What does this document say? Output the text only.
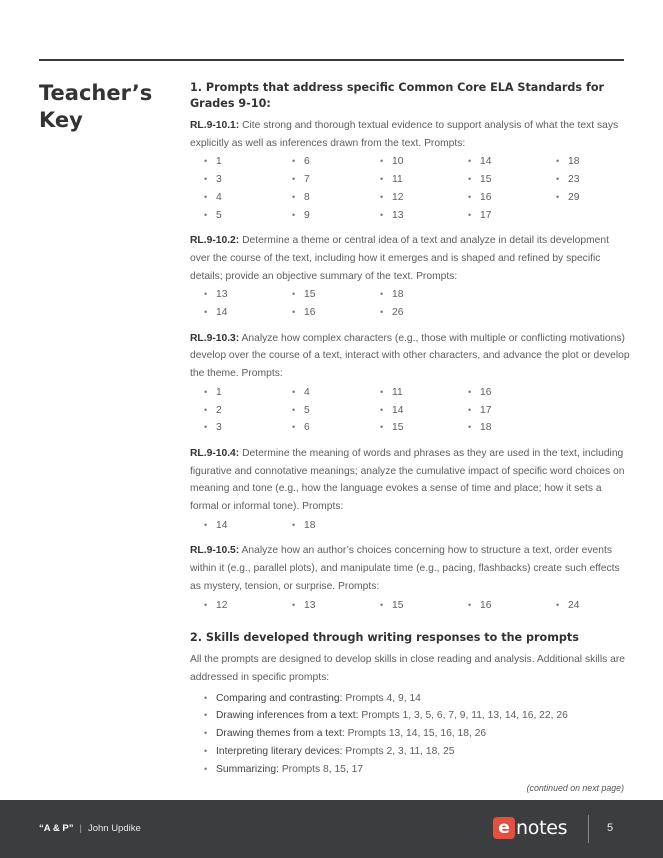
Teacher’s
Key
1. Prompts that address specific Common Core ELA Standards for Grades 9-10:
RL.9-10.1: Cite strong and thorough textual evidence to support analysis of what the text says explicitly as well as inferences drawn from the text. Prompts:
• 1	• 6	• 10	• 14	• 18
• 3	• 7	• 11	• 15	• 23
• 4	• 8	• 12	• 16	• 29
• 5	• 9	• 13	• 17
RL.9-10.2: Determine a theme or central idea of a text and analyze in detail its development over the course of the text, including how it emerges and is shaped and refined by specific details; provide an objective summary of the text. Prompts:
• 13	• 15	• 18
• 14	• 16	• 26
RL.9-10.3: Analyze how complex characters (e.g., those with multiple or conflicting motivations) develop over the course of a text, interact with other characters, and advance the plot or develop the theme. Prompts:
• 1	• 4	• 11	• 16
• 2	• 5	• 14	• 17
• 3	• 6	• 15	• 18
RL.9-10.4: Determine the meaning of words and phrases as they are used in the text, including figurative and connotative meanings; analyze the cumulative impact of specific word choices on meaning and tone (e.g., how the language evokes a sense of time and place; how it sets a formal or informal tone). Prompts:
• 14	• 18
RL.9-10.5: Analyze how an author’s choices concerning how to structure a text, order events within it (e.g., parallel plots), and manipulate time (e.g., pacing, flashbacks) create such effects as mystery, tension, or surprise. Prompts:
• 12	• 13	• 15	• 16	• 24
2. Skills developed through writing responses to the prompts
All the prompts are designed to develop skills in close reading and analysis. Additional skills are addressed in specific prompts:
• Comparing and contrasting: Prompts 4, 9, 14
• Drawing inferences from a text: Prompts 1, 3, 5, 6, 7, 9, 11, 13, 14, 16, 22, 26
• Drawing themes from a text: Prompts 13, 14, 15, 16, 18, 26
• Interpreting literary devices: Prompts 2, 3, 11, 18, 25
• Summarizing: Prompts 8, 15, 17
(continued on next page)
“A & P” | John Updike	e notes	5
